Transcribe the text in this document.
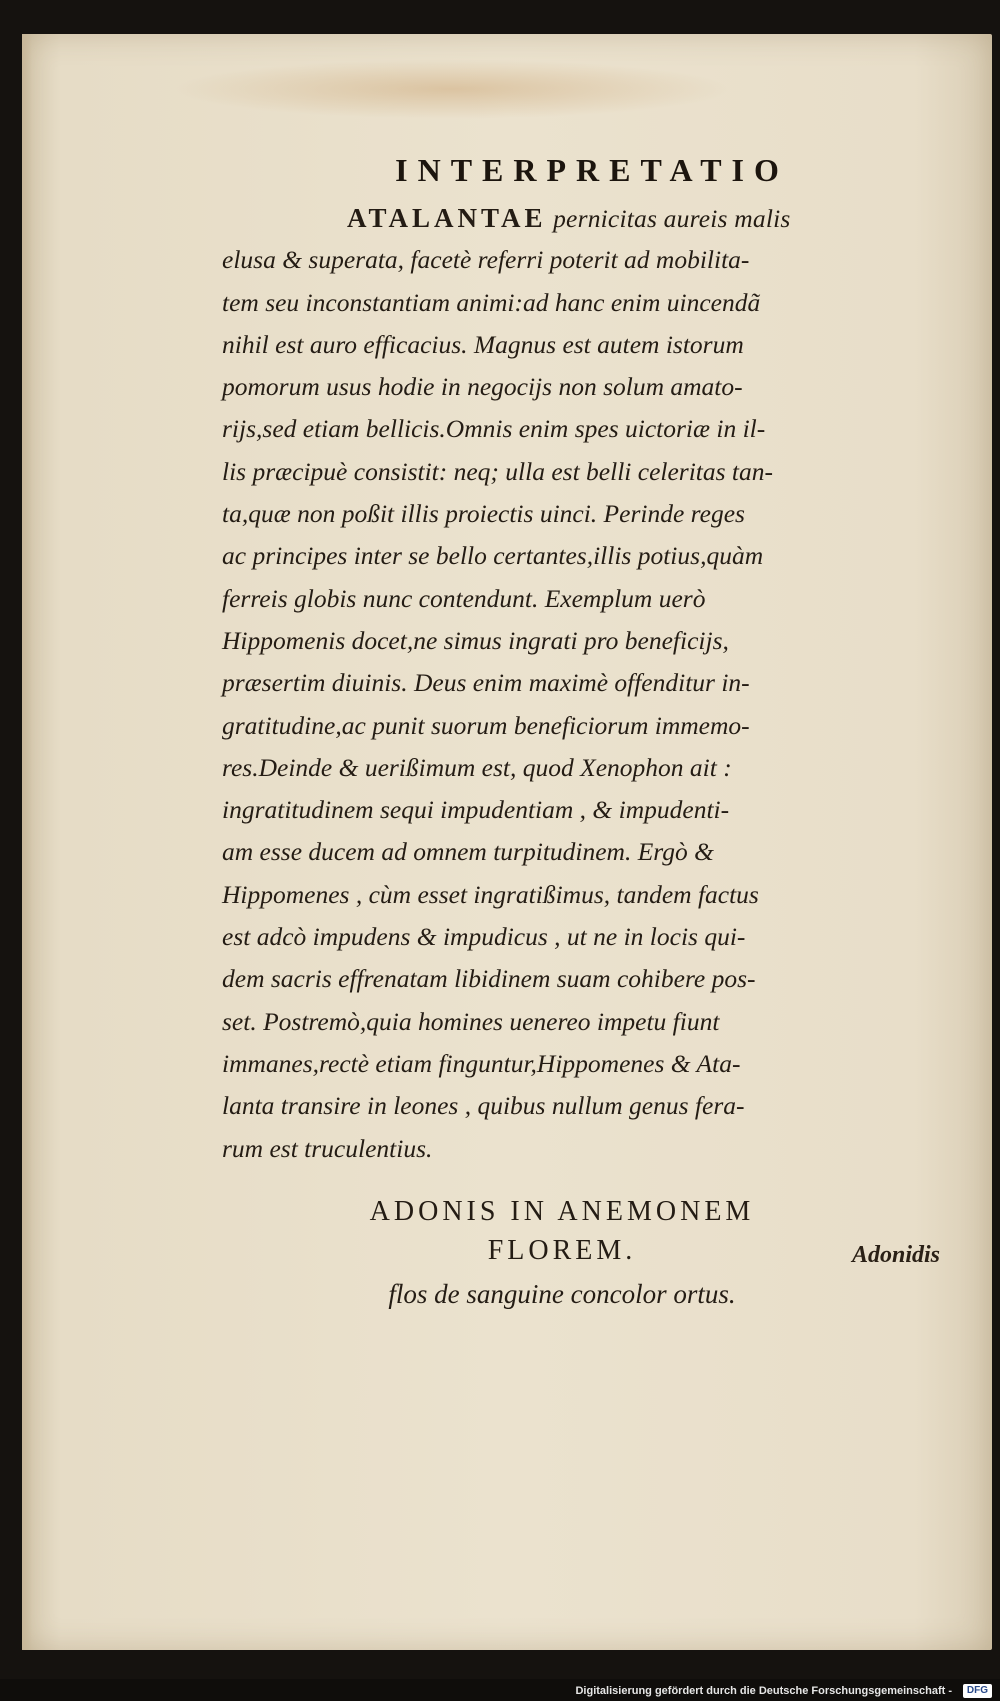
INTERPRETATIO
ATALANTAE pernicitas aureis malis
elusa & superata, facetè referri poterit ad mobilita-
tem seu inconstantiam animi:ad hanc enim uincendã
nihil est auro efficacius. Magnus est autem istorum
pomorum usus hodie in negocijs non solum amato-
rijs,sed etiam bellicis.Omnis enim spes uictoriæ in il-
lis præcipuè consistit: neq; ulla est belli celeritas tan-
ta,quæ non poßit illis proiectis uinci. Perinde reges
ac principes inter se bello certantes,illis potius,quàm
ferreis globis nunc contendunt. Exemplum uerò
Hippomenis docet,ne simus ingrati pro beneficijs,
præsertim diuinis. Deus enim maximè offenditur in-
gratitudine,ac punit suorum beneficiorum immemo-
res.Deinde & uerißimum est, quod Xenophon ait :
ingratitudinem sequi impudentiam , & impudenti-
am esse ducem ad omnem turpitudinem. Ergò &
Hippomenes , cùm esset ingratißimus, tandem factus
est adcò impudens & impudicus , ut ne in locis qui-
dem sacris effrenatam libidinem suam cohibere pos-
set. Postremò,quia homines uenereo impetu fiunt
immanes,rectè etiam finguntur,Hippomenes & Ata-
lanta transire in leones , quibus nullum genus fera-
rum est truculentius.
ADONIS IN ANEMONEM
FLOREM.
flos de sanguine concolor ortus.
Adonidis
Digitalisierung gefördert durch die Deutsche Forschungsgemeinschaft -	DFG
